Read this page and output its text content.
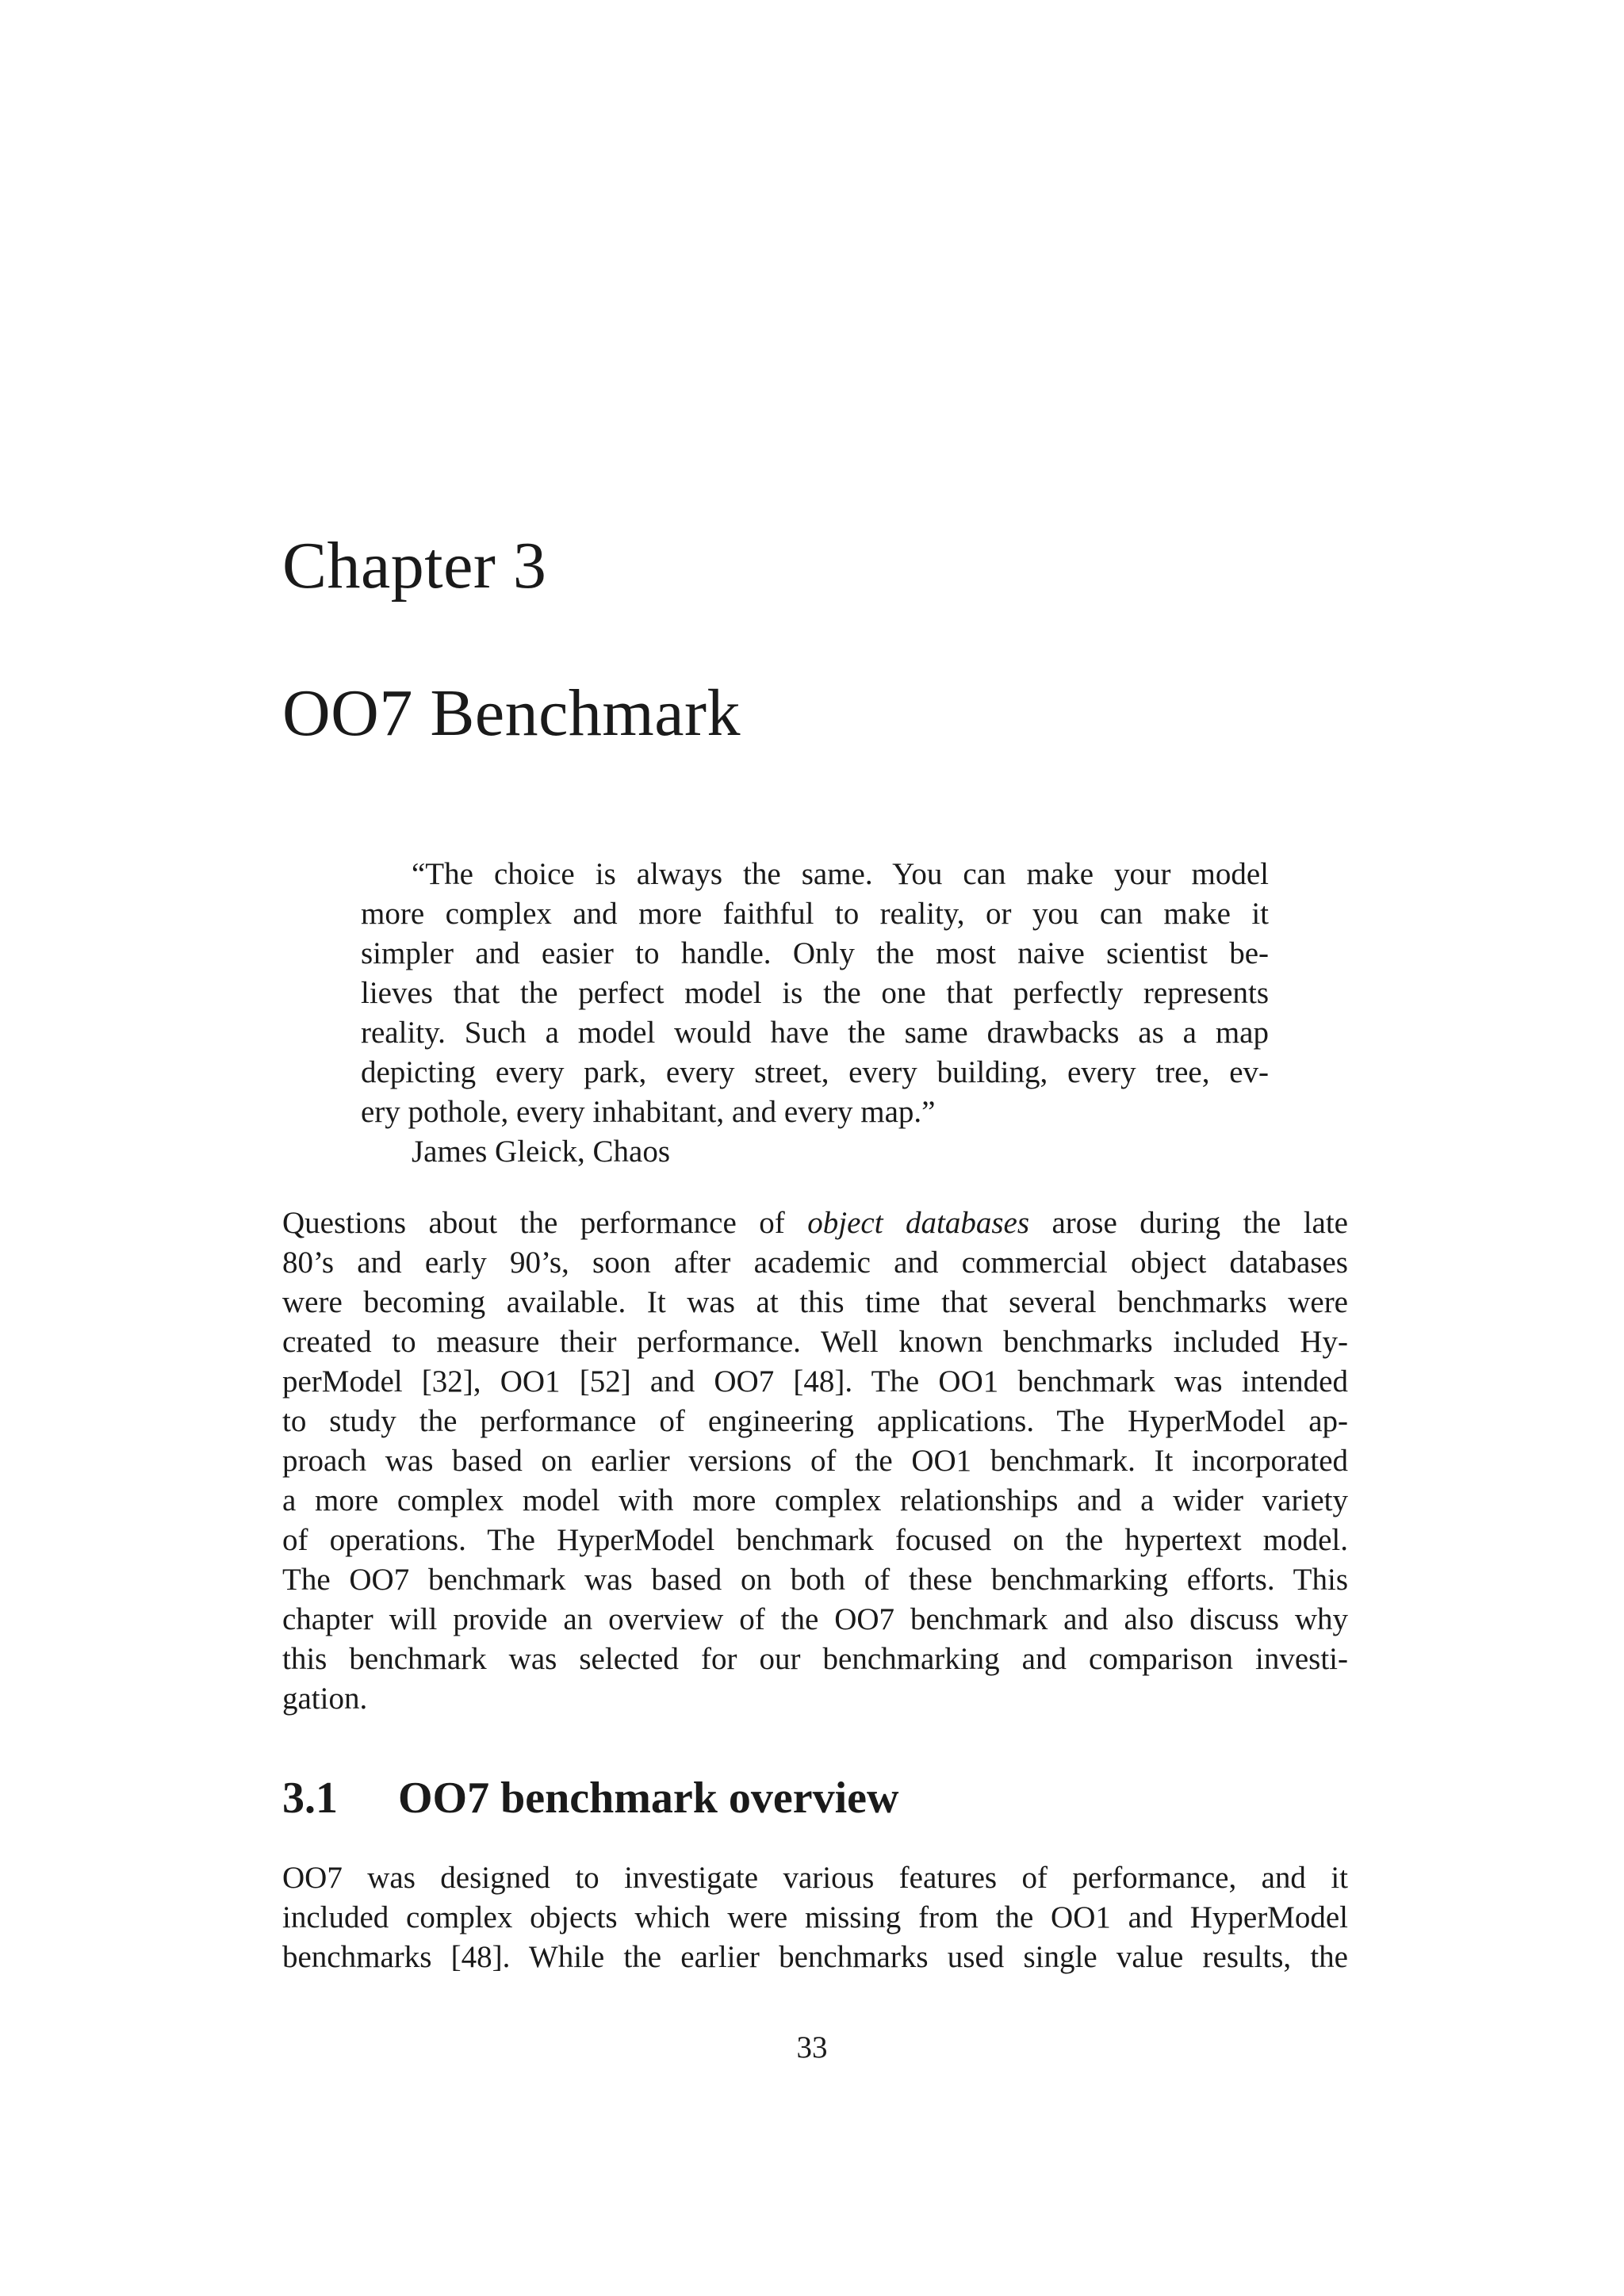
Chapter 3
OO7 Benchmark
“The choice is always the same. You can make your model
more complex and more faithful to reality, or you can make it
simpler and easier to handle. Only the most naive scientist be-
lieves that the perfect model is the one that perfectly represents
reality. Such a model would have the same drawbacks as a map
depicting every park, every street, every building, every tree, ev-
ery pothole, every inhabitant, and every map.”
James Gleick, Chaos

Questions about the performance of object databases arose during the late
80’s and early 90’s, soon after academic and commercial object databases
were becoming available. It was at this time that several benchmarks were
created to measure their performance. Well known benchmarks included Hy-
perModel [32], OO1 [52] and OO7 [48]. The OO1 benchmark was intended
to study the performance of engineering applications. The HyperModel ap-
proach was based on earlier versions of the OO1 benchmark. It incorporated
a more complex model with more complex relationships and a wider variety
of operations. The HyperModel benchmark focused on the hypertext model.
The OO7 benchmark was based on both of these benchmarking efforts. This
chapter will provide an overview of the OO7 benchmark and also discuss why
this benchmark was selected for our benchmarking and comparison investi-
gation.

3.1 OO7 benchmark overview

OO7 was designed to investigate various features of performance, and it
included complex objects which were missing from the OO1 and HyperModel
benchmarks [48]. While the earlier benchmarks used single value results, the

33
